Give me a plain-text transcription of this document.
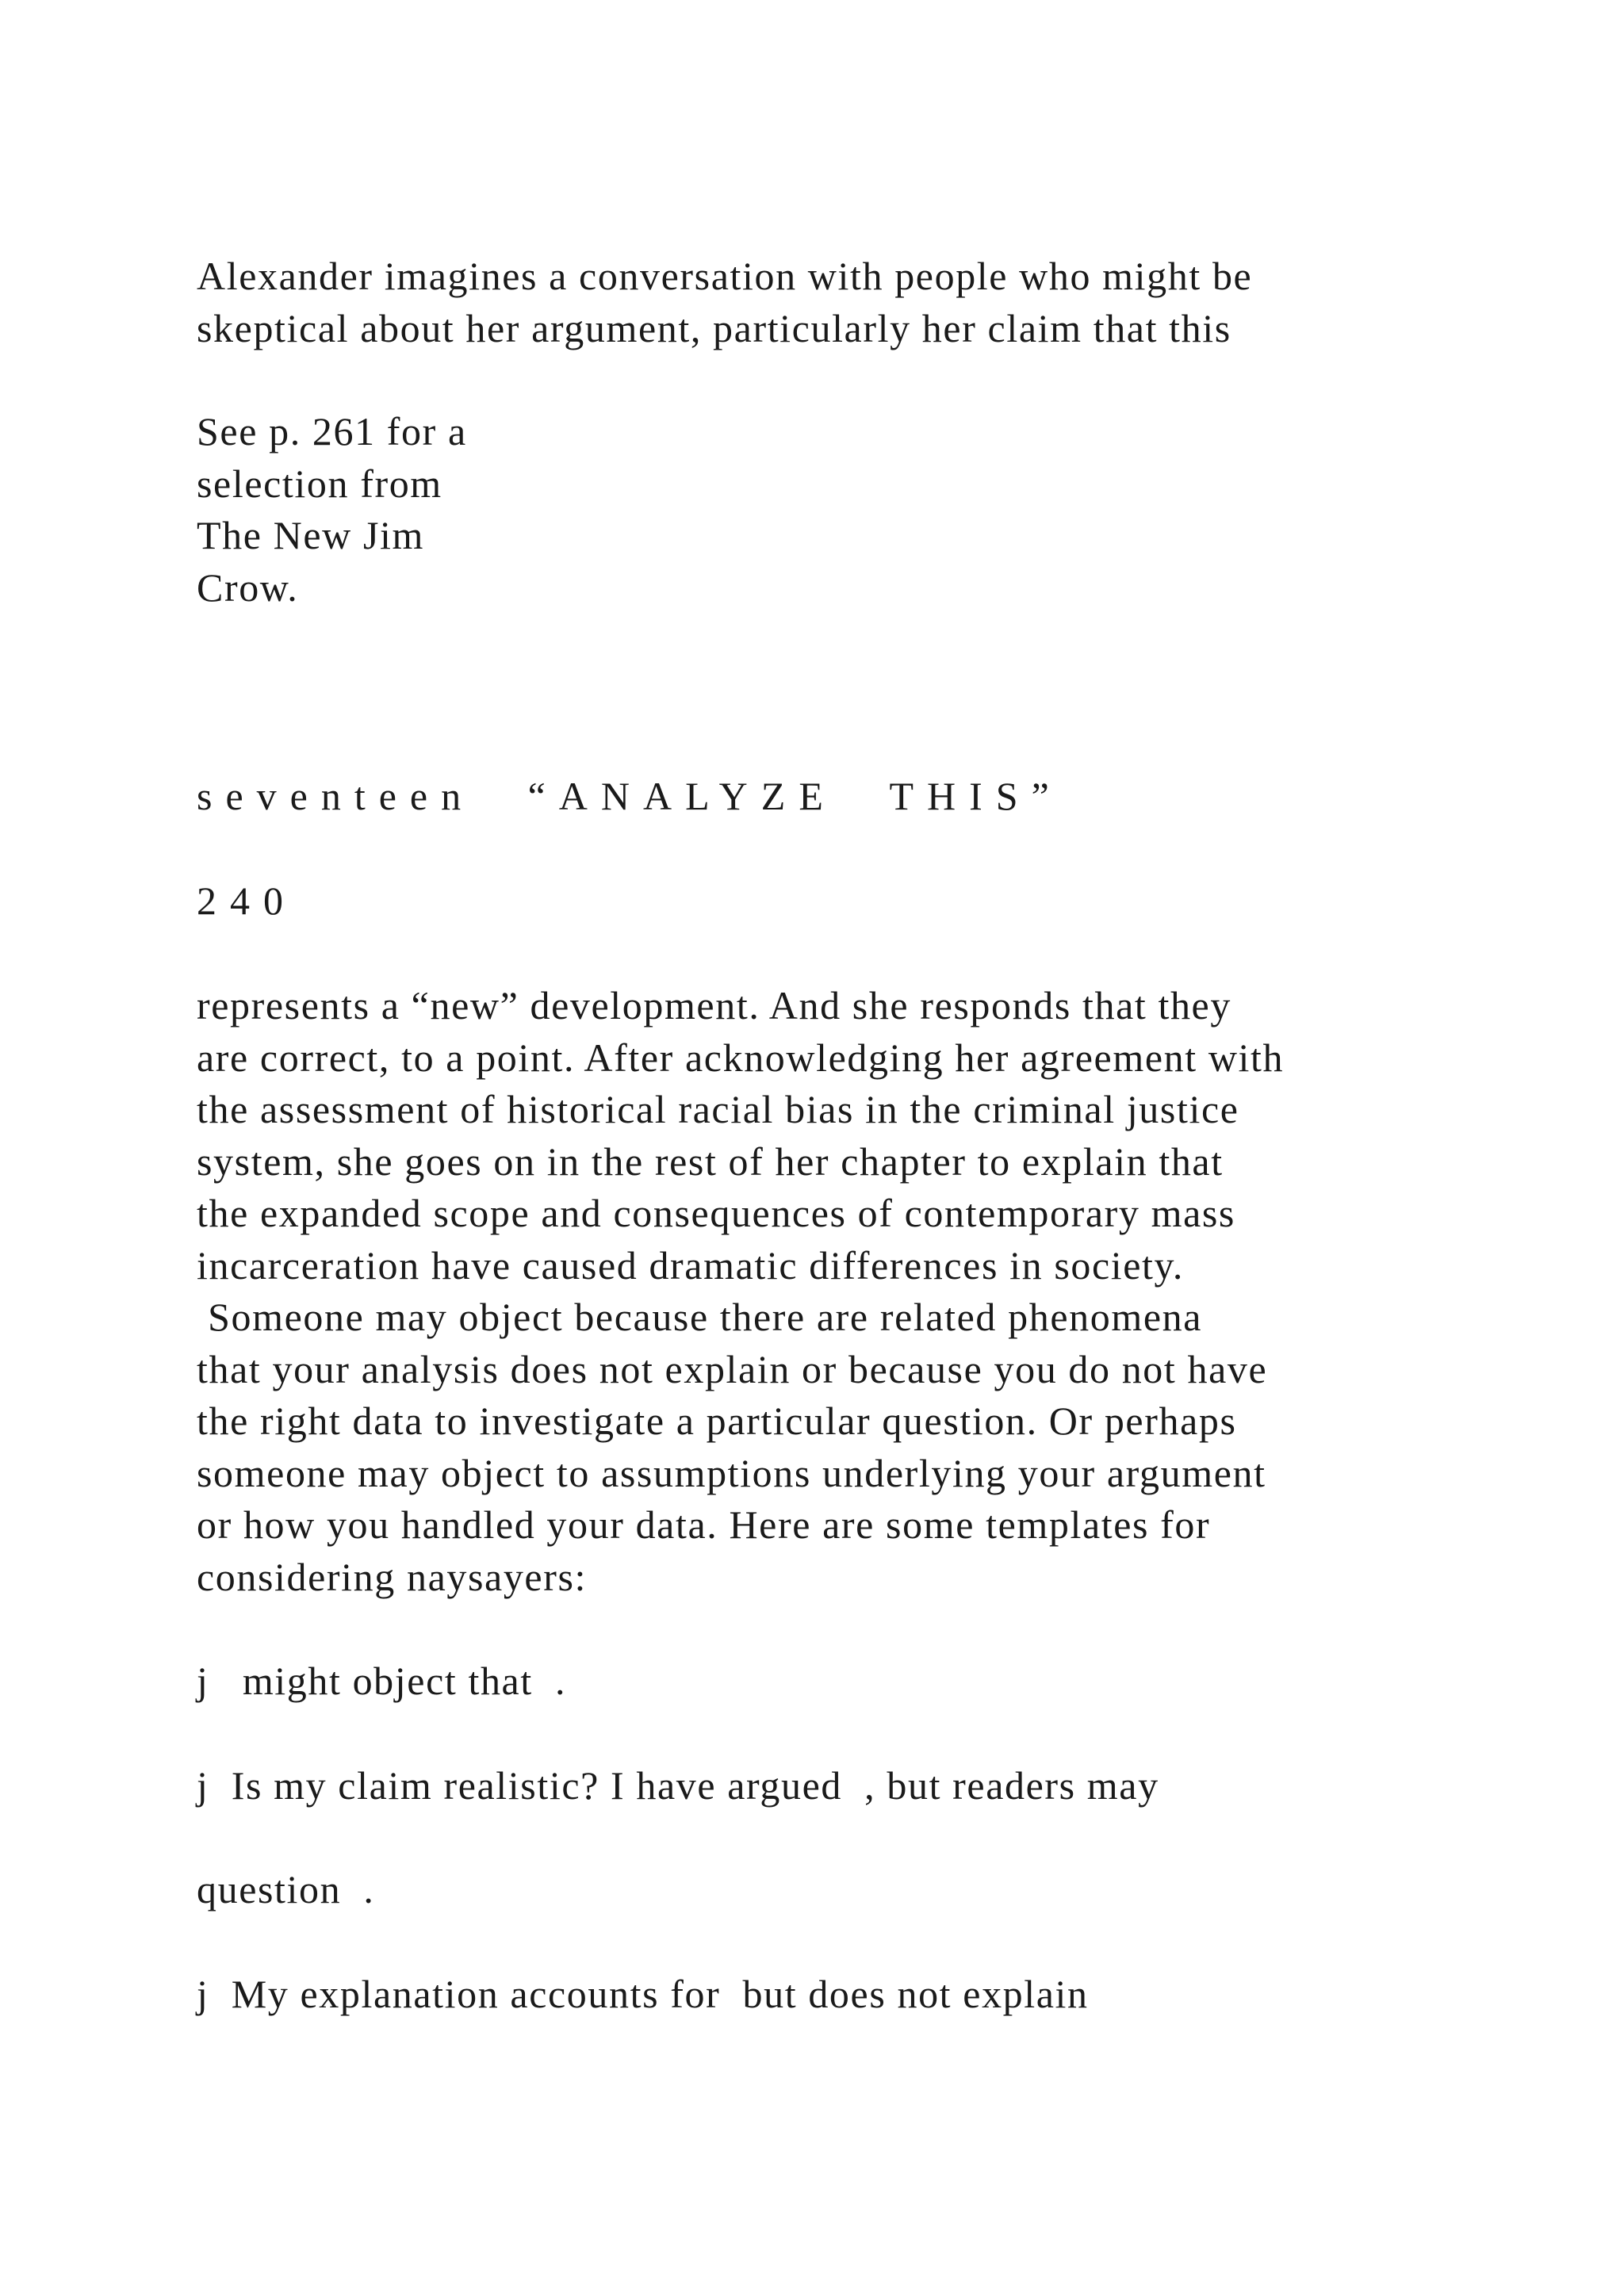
Alexander imagines a conversation with people who might be
skeptical about her argument, particularly her claim that this

See p. 261 for a
selection from
The New Jim
Crow.

seventeen “ANALYZE THIS”

240

represents a “new” development. And she responds that they
are correct, to a point. After acknowledging her agreement with
the assessment of historical racial bias in the criminal justice
system, she goes on in the rest of her chapter to explain that
the expanded scope and consequences of contemporary mass
incarceration have caused dramatic differences in society.
Someone may object because there are related phenomena
that your analysis does not explain or because you do not have
the right data to investigate a particular question. Or perhaps
someone may object to assumptions underlying your argument
or how you handled your data. Here are some templates for
considering naysayers:

j might object that  .

j Is my claim realistic? I have argued  , but readers may

question  .

j My explanation accounts for  but does not explain
